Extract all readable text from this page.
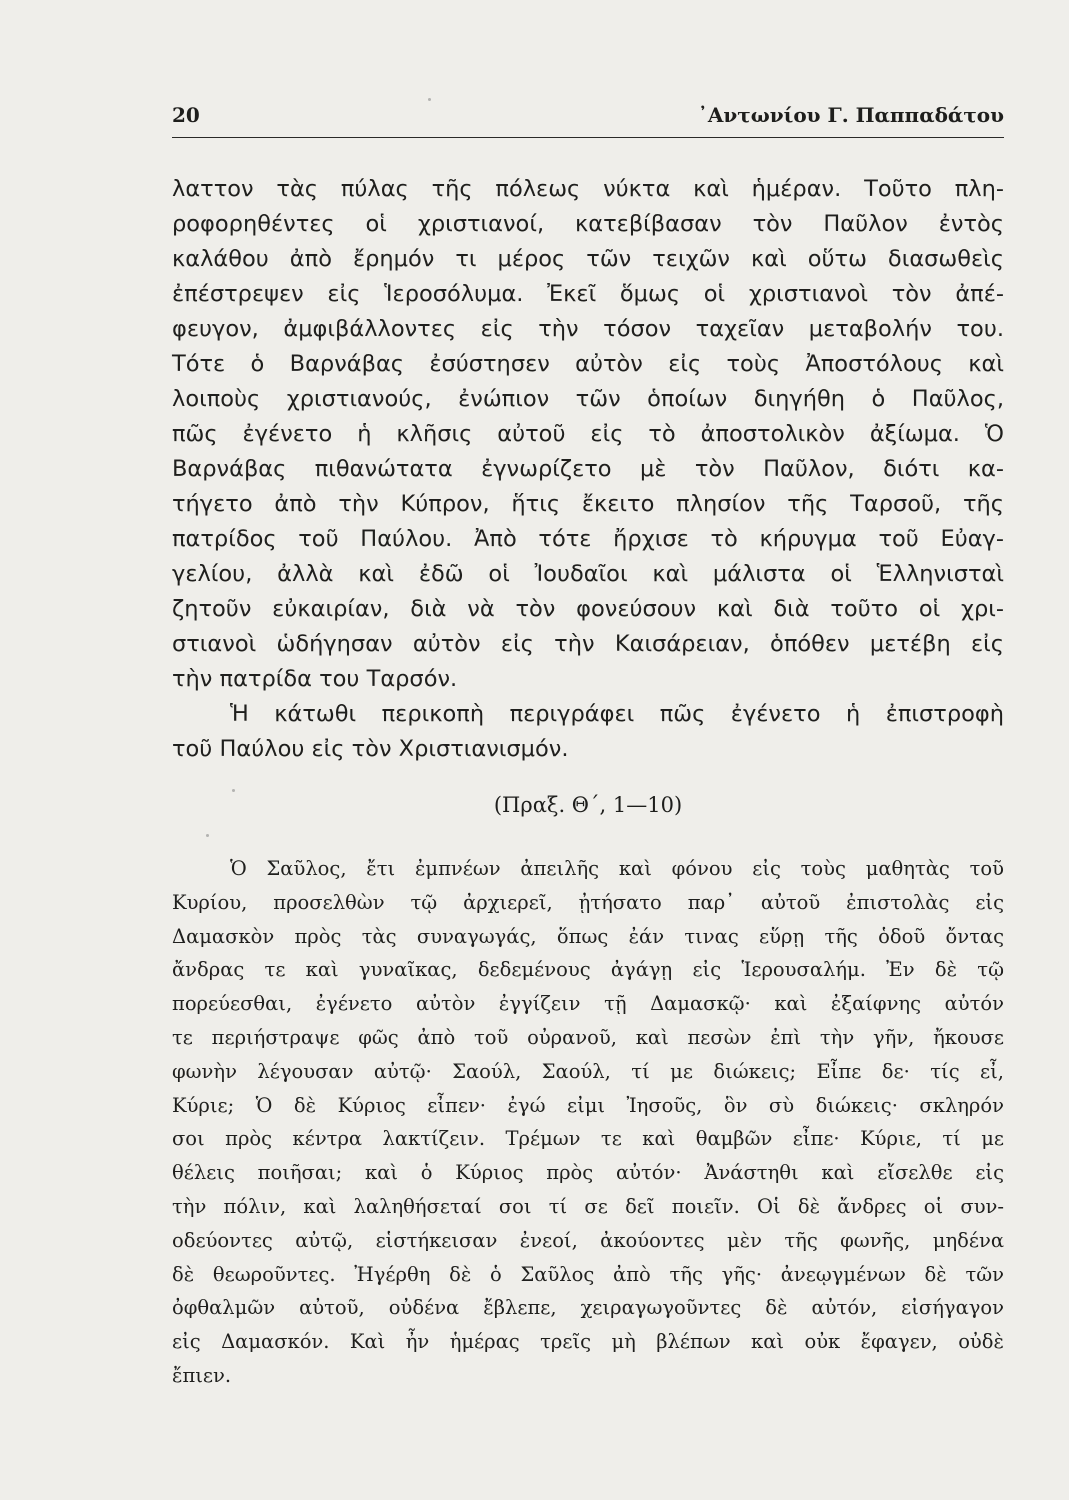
20	᾿Αντωνίου Γ. Παππαδάτου
λαττον τὰς πύλας τῆς πόλεως νύκτα καὶ ἡμέραν. Τοῦτο πλη-
ροφορηθέντες οἱ χριστιανοί, κατεβίβασαν τὸν Παῦλον ἐντὸς
καλάθου ἀπὸ ἔρημόν τι μέρος τῶν τειχῶν καὶ οὕτω διασωθεὶς
ἐπέστρεψεν εἰς Ἱεροσόλυμα. Ἐκεῖ ὅμως οἱ χριστιανοὶ τὸν ἀπέ-
φευγον, ἀμφιβάλλοντες εἰς τὴν τόσον ταχεῖαν μεταβολήν του.
Τότε ὁ Βαρνάβας ἐσύστησεν αὐτὸν εἰς τοὺς Ἀποστόλους καὶ
λοιποὺς χριστιανούς, ἐνώπιον τῶν ὁποίων διηγήθη ὁ Παῦλος,
πῶς ἐγένετο ἡ κλῆσις αὐτοῦ εἰς τὸ ἀποστολικὸν ἀξίωμα. Ὁ
Βαρνάβας πιθανώτατα ἐγνωρίζετο μὲ τὸν Παῦλον, διότι κα-
τήγετο ἀπὸ τὴν Κύπρον, ἥτις ἔκειτο πλησίον τῆς Ταρσοῦ, τῆς
πατρίδος τοῦ Παύλου. Ἀπὸ τότε ἤρχισε τὸ κήρυγμα τοῦ Εὐαγ-
γελίου, ἀλλὰ καὶ ἐδῶ οἱ Ἰουδαῖοι καὶ μάλιστα οἱ Ἑλληνισταὶ
ζητοῦν εὐκαιρίαν, διὰ νὰ τὸν φονεύσουν καὶ διὰ τοῦτο οἱ χρι-
στιανοὶ ὡδήγησαν αὐτὸν εἰς τὴν Καισάρειαν, ὁπόθεν μετέβη εἰς
τὴν πατρίδα του Ταρσόν.
Ἡ κάτωθι περικοπὴ περιγράφει πῶς ἐγένετο ἡ ἐπιστροφὴ
τοῦ Παύλου εἰς τὸν Χριστιανισμόν.
(Πραξ. Θ΄, 1—10)
Ὁ Σαῦλος, ἔτι ἐμπνέων ἀπειλῆς καὶ φόνου εἰς τοὺς μαθητὰς τοῦ
Κυρίου, προσελθὼν τῷ ἀρχιερεῖ, ᾐτήσατο παρ᾿ αὐτοῦ ἐπιστολὰς εἰς
Δαμασκὸν πρὸς τὰς συναγωγάς, ὅπως ἐάν τινας εὕρῃ τῆς ὁδοῦ ὄντας
ἄνδρας τε καὶ γυναῖκας, δεδεμένους ἀγάγῃ εἰς Ἱερουσαλήμ. Ἐν δὲ τῷ
πορεύεσθαι, ἐγένετο αὐτὸν ἐγγίζειν τῇ Δαμασκῷ· καὶ ἐξαίφνης αὐτόν
τε περιήστραψε φῶς ἀπὸ τοῦ οὐρανοῦ, καὶ πεσὼν ἐπὶ τὴν γῆν, ἤκουσε
φωνὴν λέγουσαν αὐτῷ· Σαούλ, Σαούλ, τί με διώκεις; Εἶπε δε· τίς εἶ,
Κύριε; Ὁ δὲ Κύριος εἶπεν· ἐγώ εἰμι Ἰησοῦς, ὃν σὺ διώκεις· σκληρόν
σοι πρὸς κέντρα λακτίζειν. Τρέμων τε καὶ θαμβῶν εἶπε· Κύριε, τί με
θέλεις ποιῆσαι; καὶ ὁ Κύριος πρὸς αὐτόν· Ἀνάστηθι καὶ εἴσελθε εἰς
τὴν πόλιν, καὶ λαληθήσεταί σοι τί σε δεῖ ποιεῖν. Οἱ δὲ ἄνδρες οἱ συν-
οδεύοντες αὐτῷ, εἱστήκεισαν ἐνεοί, ἀκούοντες μὲν τῆς φωνῆς, μηδένα
δὲ θεωροῦντες. Ἠγέρθη δὲ ὁ Σαῦλος ἀπὸ τῆς γῆς· ἀνεῳγμένων δὲ τῶν
ὀφθαλμῶν αὐτοῦ, οὐδένα ἔβλεπε, χειραγωγοῦντες δὲ αὐτόν, εἰσήγαγον
εἰς Δαμασκόν. Καὶ ἦν ἡμέρας τρεῖς μὴ βλέπων καὶ οὐκ ἔφαγεν, οὐδὲ
ἔπιεν.
